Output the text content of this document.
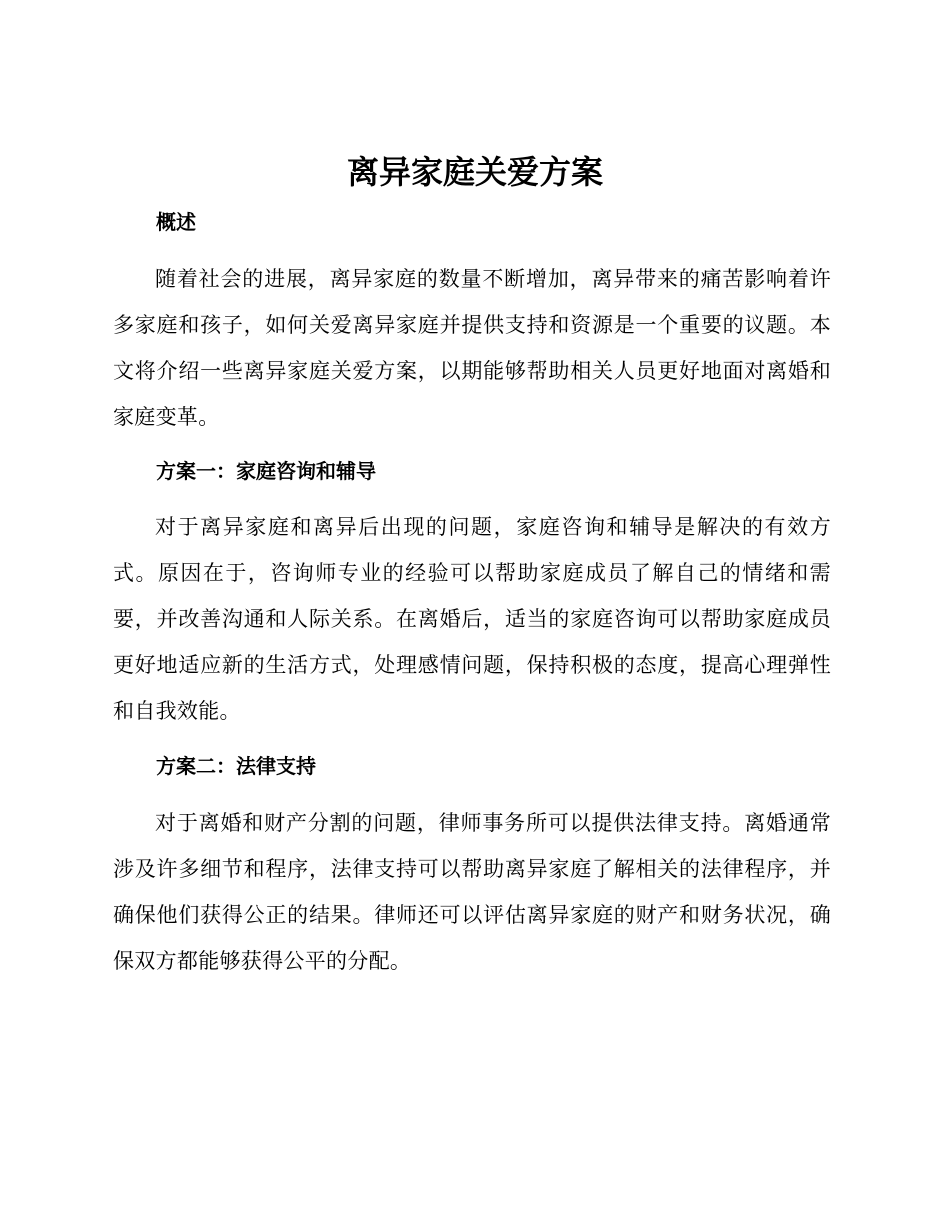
离异家庭关爱方案
概述

随着社会的进展，离异家庭的数量不断增加，离异带来的痛苦影响着许多家庭和孩子，如何关爱离异家庭并提供支持和资源是一个重要的议题。本文将介绍一些离异家庭关爱方案，以期能够帮助相关人员更好地面对离婚和家庭变革。

方案一：家庭咨询和辅导

对于离异家庭和离异后出现的问题，家庭咨询和辅导是解决的有效方式。原因在于，咨询师专业的经验可以帮助家庭成员了解自己的情绪和需要，并改善沟通和人际关系。在离婚后，适当的家庭咨询可以帮助家庭成员更好地适应新的生活方式，处理感情问题，保持积极的态度，提高心理弹性和自我效能。

方案二：法律支持

对于离婚和财产分割的问题，律师事务所可以提供法律支持。离婚通常涉及许多细节和程序，法律支持可以帮助离异家庭了解相关的法律程序，并确保他们获得公正的结果。律师还可以评估离异家庭的财产和财务状况，确保双方都能够获得公平的分配。
